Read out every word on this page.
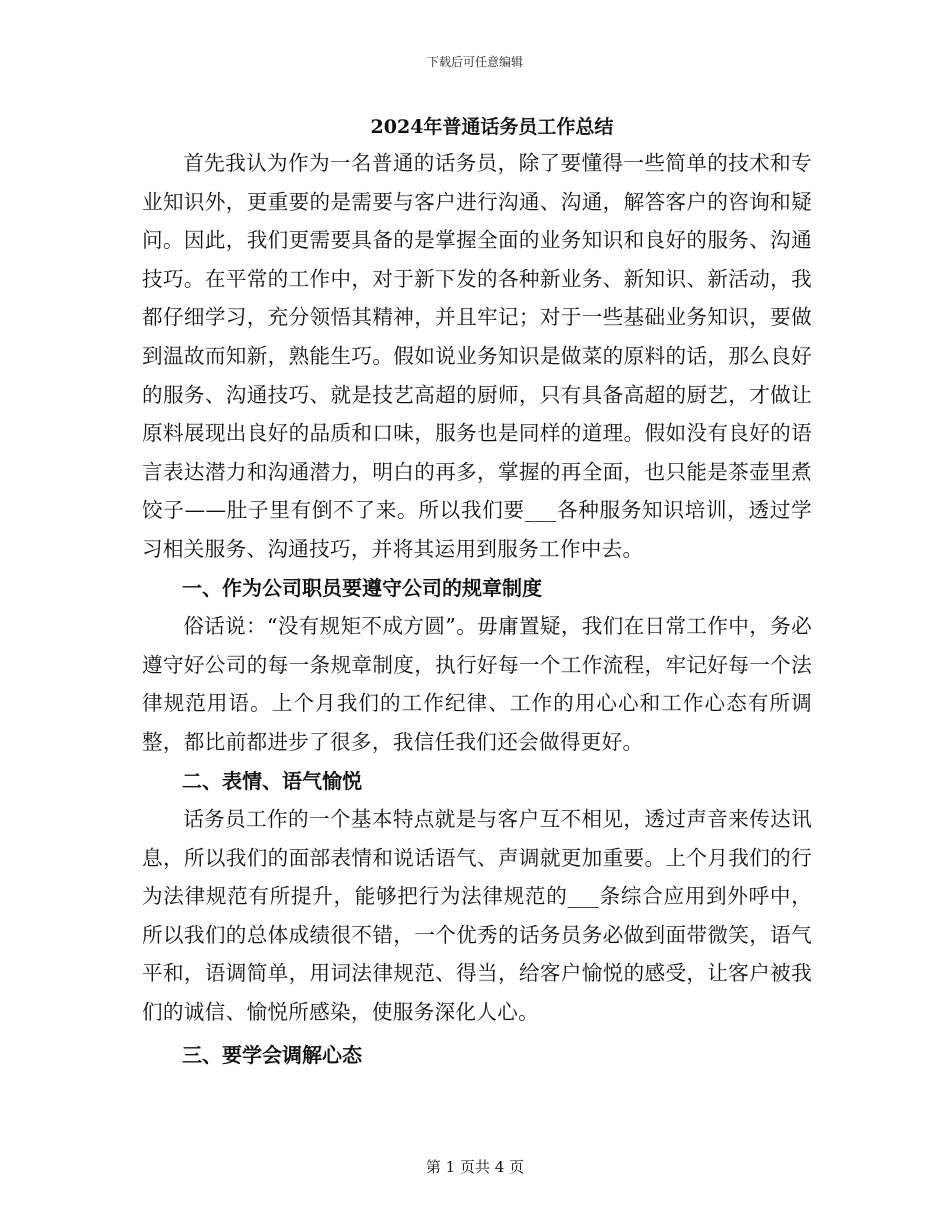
下载后可任意编辑
2024年普通话务员工作总结

首先我认为作为一名普通的话务员，除了要懂得一些简单的技术和专业知识外，更重要的是需要与客户进行沟通、沟通，解答客户的咨询和疑问。因此，我们更需要具备的是掌握全面的业务知识和良好的服务、沟通技巧。在平常的工作中，对于新下发的各种新业务、新知识、新活动，我都仔细学习，充分领悟其精神，并且牢记；对于一些基础业务知识，要做到温故而知新，熟能生巧。假如说业务知识是做菜的原料的话，那么良好的服务、沟通技巧、就是技艺高超的厨师，只有具备高超的厨艺，才做让原料展现出良好的品质和口味，服务也是同样的道理。假如没有良好的语言表达潜力和沟通潜力，明白的再多，掌握的再全面，也只能是茶壶里煮饺子——肚子里有倒不了来。所以我们要___各种服务知识培训，透过学习相关服务、沟通技巧，并将其运用到服务工作中去。

一、作为公司职员要遵守公司的规章制度

俗话说：“没有规矩不成方圆”。毋庸置疑，我们在日常工作中，务必遵守好公司的每一条规章制度，执行好每一个工作流程，牢记好每一个法律规范用语。上个月我们的工作纪律、工作的用心心和工作心态有所调整，都比前都进步了很多，我信任我们还会做得更好。

二、表情、语气愉悦

话务员工作的一个基本特点就是与客户互不相见，透过声音来传达讯息，所以我们的面部表情和说话语气、声调就更加重要。上个月我们的行为法律规范有所提升，能够把行为法律规范的___条综合应用到外呼中，所以我们的总体成绩很不错，一个优秀的话务员务必做到面带微笑，语气平和，语调简单，用词法律规范、得当，给客户愉悦的感受，让客户被我们的诚信、愉悦所感染，使服务深化人心。

三、要学会调解心态
第 1 页共 4 页
